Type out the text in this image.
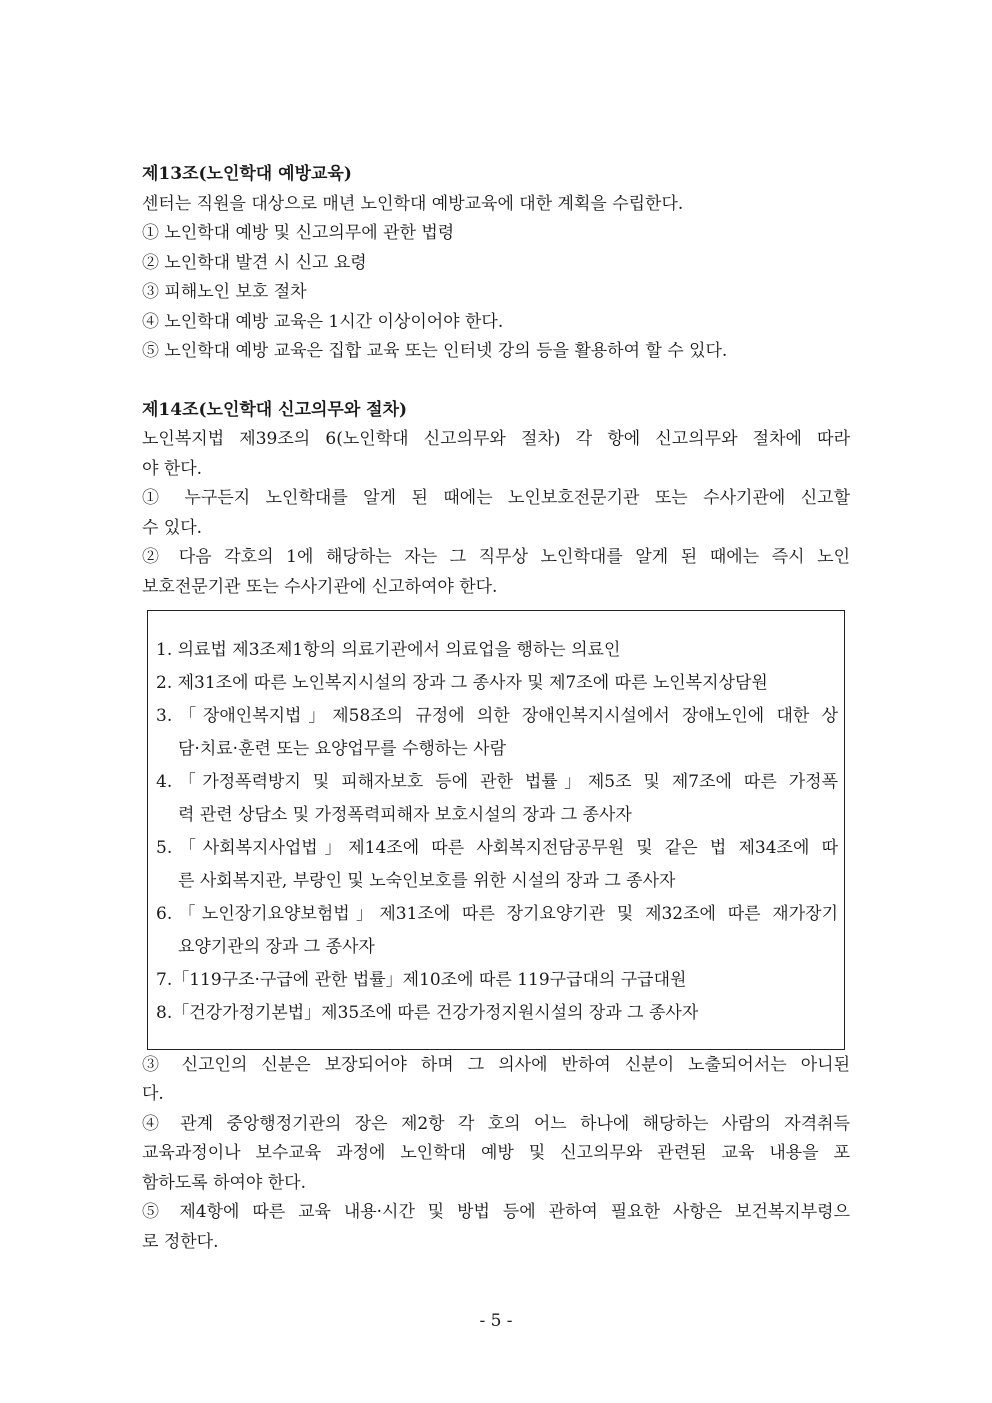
제13조(노인학대 예방교육)
센터는 직원을 대상으로 매년 노인학대 예방교육에 대한 계획을 수립한다.
① 노인학대 예방 및 신고의무에 관한 법령
② 노인학대 발견 시 신고 요령
③ 피해노인 보호 절차
④ 노인학대 예방 교육은 1시간 이상이어야 한다.
⑤ 노인학대 예방 교육은 집합 교육 또는 인터넷 강의 등을 활용하여 할 수 있다.
제14조(노인학대 신고의무와 절차)
노인복지법 제39조의 6(노인학대 신고의무와 절차) 각 항에 신고의무와 절차에 따라
야 한다.
① 누구든지 노인학대를 알게 된 때에는 노인보호전문기관 또는 수사기관에 신고할
수 있다.
② 다음 각호의 1에 해당하는 자는 그 직무상 노인학대를 알게 된 때에는 즉시 노인
보호전문기관 또는 수사기관에 신고하여야 한다.
1. 의료법 제3조제1항의 의료기관에서 의료업을 행하는 의료인
2. 제31조에 따른 노인복지시설의 장과 그 종사자 및 제7조에 따른 노인복지상담원
3.「장애인복지법」제58조의 규정에 의한 장애인복지시설에서 장애노인에 대한 상
담·치료·훈련 또는 요양업무를 수행하는 사람
4.「가정폭력방지 및 피해자보호 등에 관한 법률」제5조 및 제7조에 따른 가정폭
력 관련 상담소 및 가정폭력피해자 보호시설의 장과 그 종사자
5.「사회복지사업법」제14조에 따른 사회복지전담공무원 및 같은 법 제34조에 따
른 사회복지관, 부랑인 및 노숙인보호를 위한 시설의 장과 그 종사자
6.「노인장기요양보험법」제31조에 따른 장기요양기관 및 제32조에 따른 재가장기
요양기관의 장과 그 종사자
7.「119구조·구급에 관한 법률」제10조에 따른 119구급대의 구급대원
8.「건강가정기본법」제35조에 따른 건강가정지원시설의 장과 그 종사자
③ 신고인의 신분은 보장되어야 하며 그 의사에 반하여 신분이 노출되어서는 아니된
다.
④ 관계 중앙행정기관의 장은 제2항 각 호의 어느 하나에 해당하는 사람의 자격취득
교육과정이나 보수교육 과정에 노인학대 예방 및 신고의무와 관련된 교육 내용을 포
함하도록 하여야 한다.
⑤ 제4항에 따른 교육 내용·시간 및 방법 등에 관하여 필요한 사항은 보건복지부령으
로 정한다.
- 5 -
